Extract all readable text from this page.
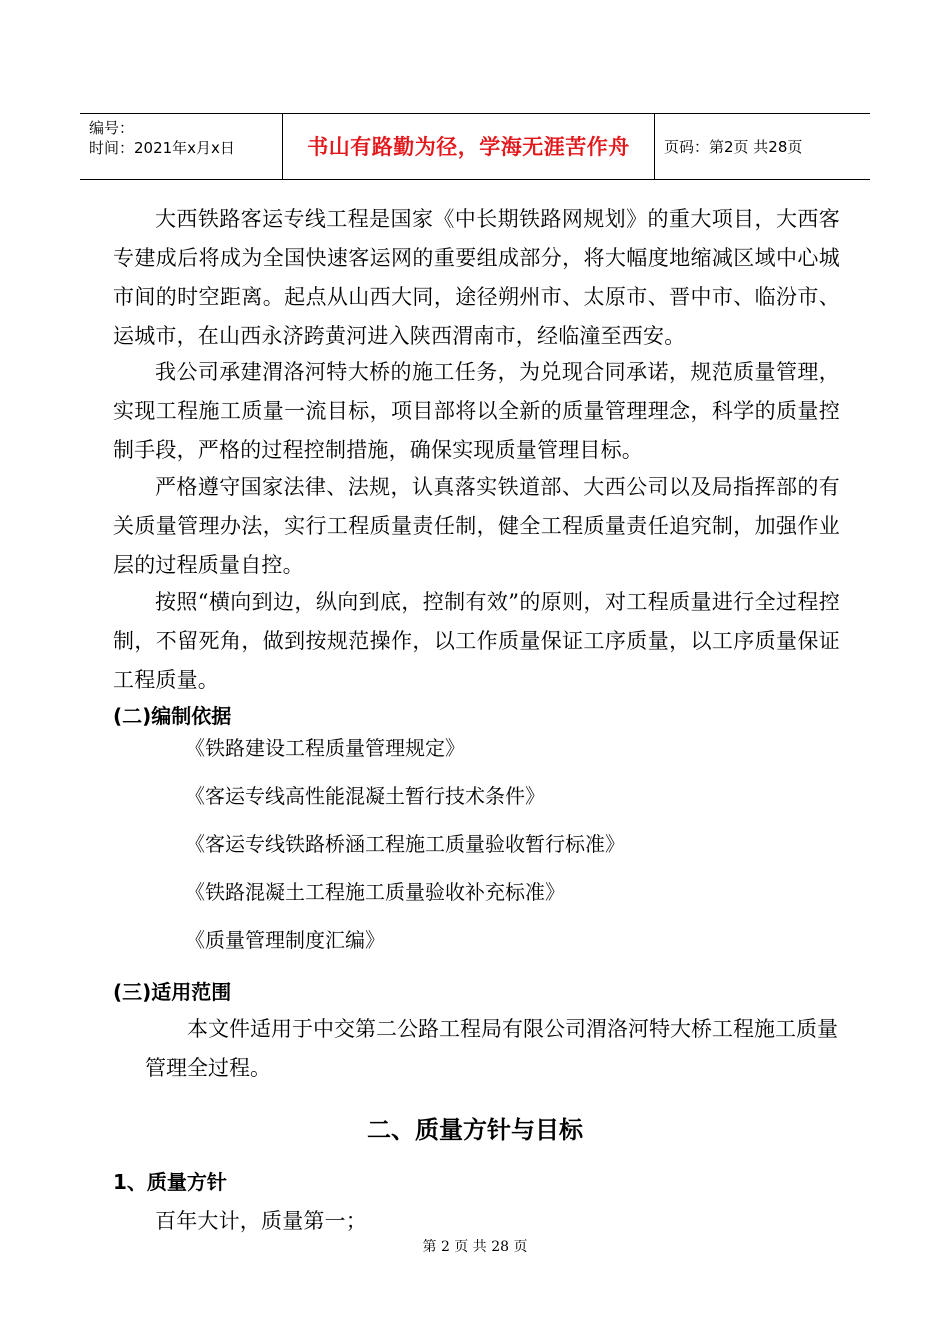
编号：
时间：2021年x月x日	书山有路勤为径，学海无涯苦作舟	页码：第2页 共28页

大西铁路客运专线工程是国家《中长期铁路网规划》的重大项目，大西客专建成后将成为全国快速客运网的重要组成部分，将大幅度地缩减区域中心城市间的时空距离。起点从山西大同，途径朔州市、太原市、晋中市、临汾市、运城市，在山西永济跨黄河进入陕西渭南市，经临潼至西安。

我公司承建渭洛河特大桥的施工任务，为兑现合同承诺，规范质量管理，实现工程施工质量一流目标，项目部将以全新的质量管理理念，科学的质量控制手段，严格的过程控制措施，确保实现质量管理目标。

严格遵守国家法律、法规，认真落实铁道部、大西公司以及局指挥部的有关质量管理办法，实行工程质量责任制，健全工程质量责任追究制，加强作业层的过程质量自控。

按照“横向到边，纵向到底，控制有效”的原则，对工程质量进行全过程控制，不留死角，做到按规范操作，以工作质量保证工序质量，以工序质量保证工程质量。

(二)编制依据
《铁路建设工程质量管理规定》
《客运专线高性能混凝土暂行技术条件》
《客运专线铁路桥涵工程施工质量验收暂行标准》
《铁路混凝土工程施工质量验收补充标准》
《质量管理制度汇编》
(三)适用范围

本文件适用于中交第二公路工程局有限公司渭洛河特大桥工程施工质量管理全过程。

二、质量方针与目标
1、质量方针

百年大计，质量第一；

第 2 页 共 28 页
